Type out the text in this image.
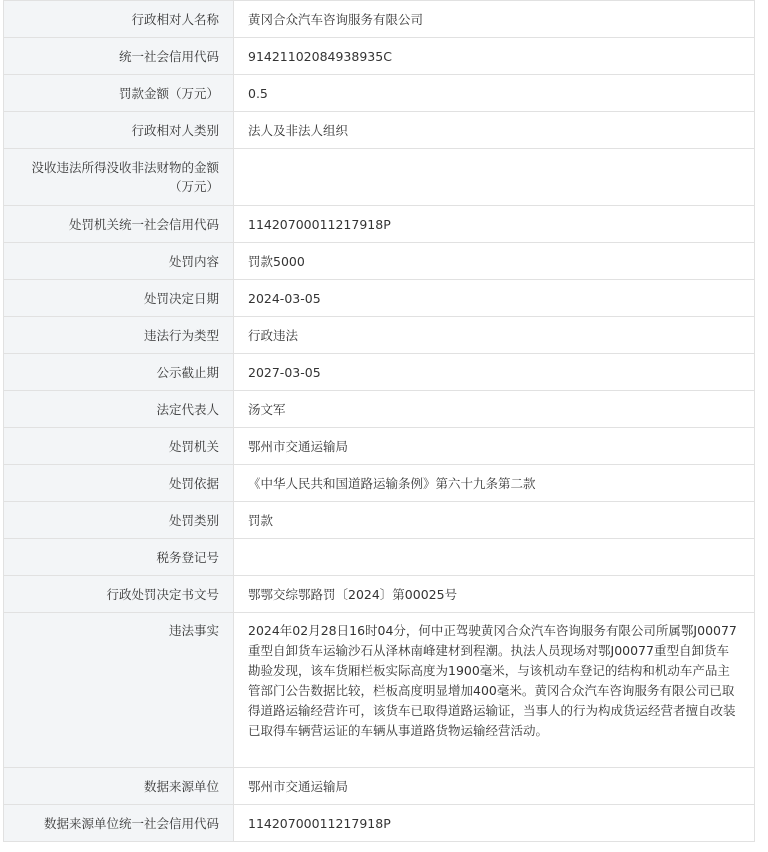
行政相对人名称	黄冈合众汽车咨询服务有限公司
统一社会信用代码	91421102084938935C
罚款金额（万元）	0.5
行政相对人类别	法人及非法人组织
没收违法所得没收非法财物的金额（万元）	
处罚机关统一社会信用代码	11420700011217918P
处罚内容	罚款5000
处罚决定日期	2024-03-05
违法行为类型	行政违法
公示截止期	2027-03-05
法定代表人	汤文军
处罚机关	鄂州市交通运输局
处罚依据	《中华人民共和国道路运输条例》第六十九条第二款
处罚类别	罚款
税务登记号	
行政处罚决定书文号	鄂鄂交综鄂路罚〔2024〕第00025号
违法事实	2024年02月28日16时04分，何中正驾驶黄冈合众汽车咨询服务有限公司所属鄂J00077重型自卸货车运输沙石从泽林南峰建材到程潮。执法人员现场对鄂J00077重型自卸货车勘验发现，该车货厢栏板实际高度为1900毫米，与该机动车登记的结构和机动车产品主管部门公告数据比较，栏板高度明显增加400毫米。黄冈合众汽车咨询服务有限公司已取得道路运输经营许可，该货车已取得道路运输证，当事人的行为构成货运经营者擅自改装已取得车辆营运证的车辆从事道路货物运输经营活动。
数据来源单位	鄂州市交通运输局
数据来源单位统一社会信用代码	11420700011217918P
